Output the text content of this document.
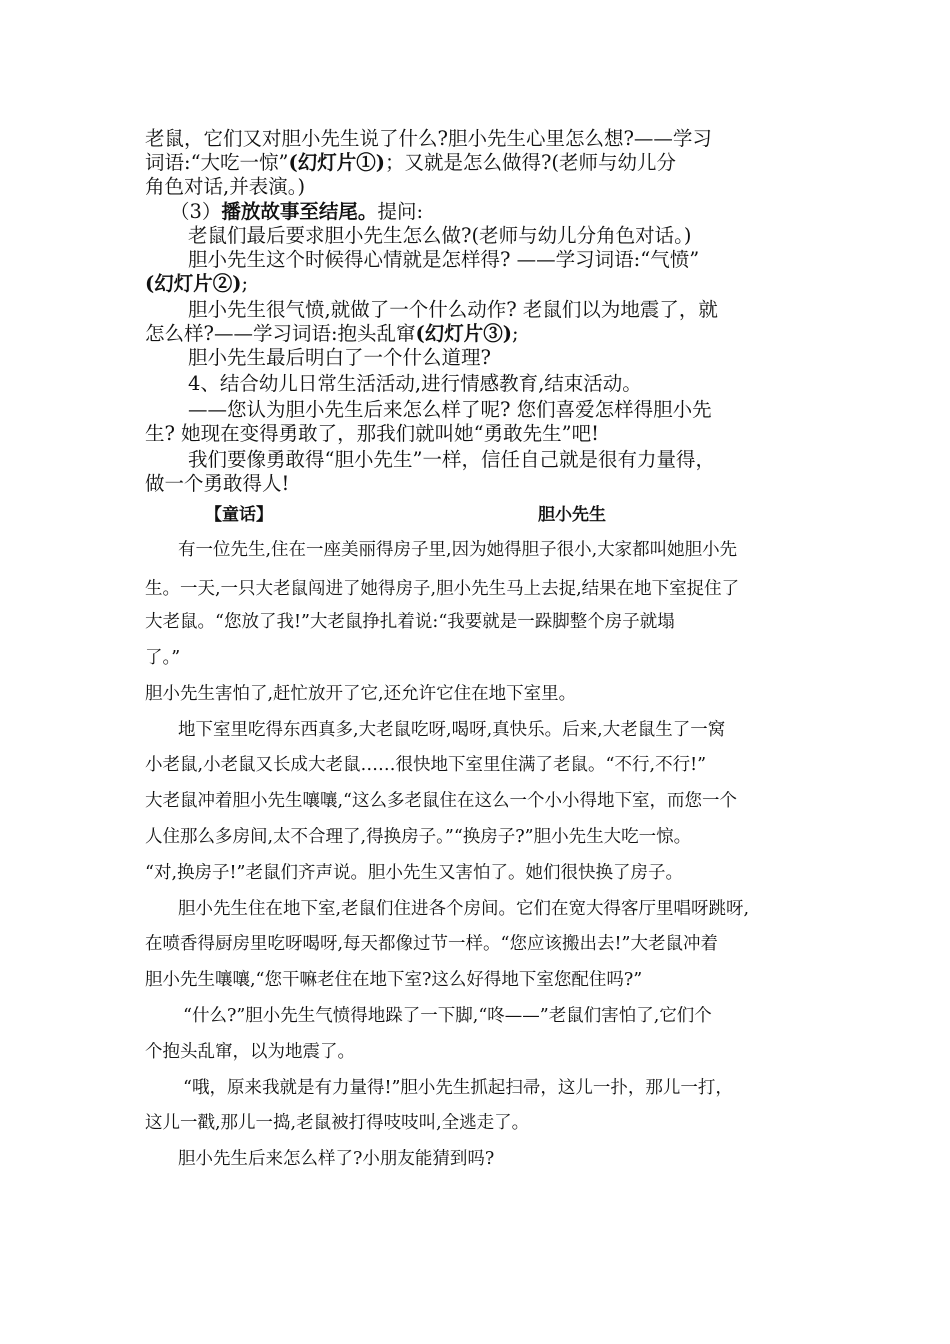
老鼠，它们又对胆小先生说了什么?胆小先生心里怎么想?——学习
词语:“大吃一惊”(幻灯片①)；又就是怎么做得?(老师与幼儿分
角色对话,并表演。)
（3）播放故事至结尾。提问:
老鼠们最后要求胆小先生怎么做?(老师与幼儿分角色对话。)
胆小先生这个时候得心情就是怎样得? ——学习词语:“气愤”
(幻灯片②);
胆小先生很气愤,就做了一个什么动作? 老鼠们以为地震了，就
怎么样?——学习词语:抱头乱窜(幻灯片③);
胆小先生最后明白了一个什么道理?
4、结合幼儿日常生活活动,进行情感教育,结束活动。
——您认为胆小先生后来怎么样了呢? 您们喜爱怎样得胆小先
生? 她现在变得勇敢了，那我们就叫她“勇敢先生”吧!
我们要像勇敢得“胆小先生”一样，信任自己就是很有力量得，
做一个勇敢得人!
【童话】	胆小先生
有一位先生,住在一座美丽得房子里,因为她得胆子很小,大家都叫她胆小先
生。一天,一只大老鼠闯进了她得房子,胆小先生马上去捉,结果在地下室捉住了
大老鼠。“您放了我!”大老鼠挣扎着说:“我要就是一跺脚整个房子就塌
了。”
胆小先生害怕了,赶忙放开了它,还允许它住在地下室里。
地下室里吃得东西真多,大老鼠吃呀,喝呀,真快乐。后来,大老鼠生了一窝
小老鼠,小老鼠又长成大老鼠……很快地下室里住满了老鼠。“不行,不行!”
大老鼠冲着胆小先生嚷嚷,“这么多老鼠住在这么一个小小得地下室，而您一个
人住那么多房间,太不合理了,得换房子。”“换房子?”胆小先生大吃一惊。
“对,换房子!”老鼠们齐声说。胆小先生又害怕了。她们很快换了房子。
胆小先生住在地下室,老鼠们住进各个房间。它们在宽大得客厅里唱呀跳呀,
在喷香得厨房里吃呀喝呀,每天都像过节一样。“您应该搬出去!”大老鼠冲着
胆小先生嚷嚷,“您干嘛老住在地下室?这么好得地下室您配住吗?”
“什么?”胆小先生气愤得地跺了一下脚,“咚——”老鼠们害怕了,它们个
个抱头乱窜，以为地震了。
“哦，原来我就是有力量得!”胆小先生抓起扫帚，这儿一扑，那儿一打，
这儿一戳,那儿一捣,老鼠被打得吱吱叫,全逃走了。
胆小先生后来怎么样了?小朋友能猜到吗?
